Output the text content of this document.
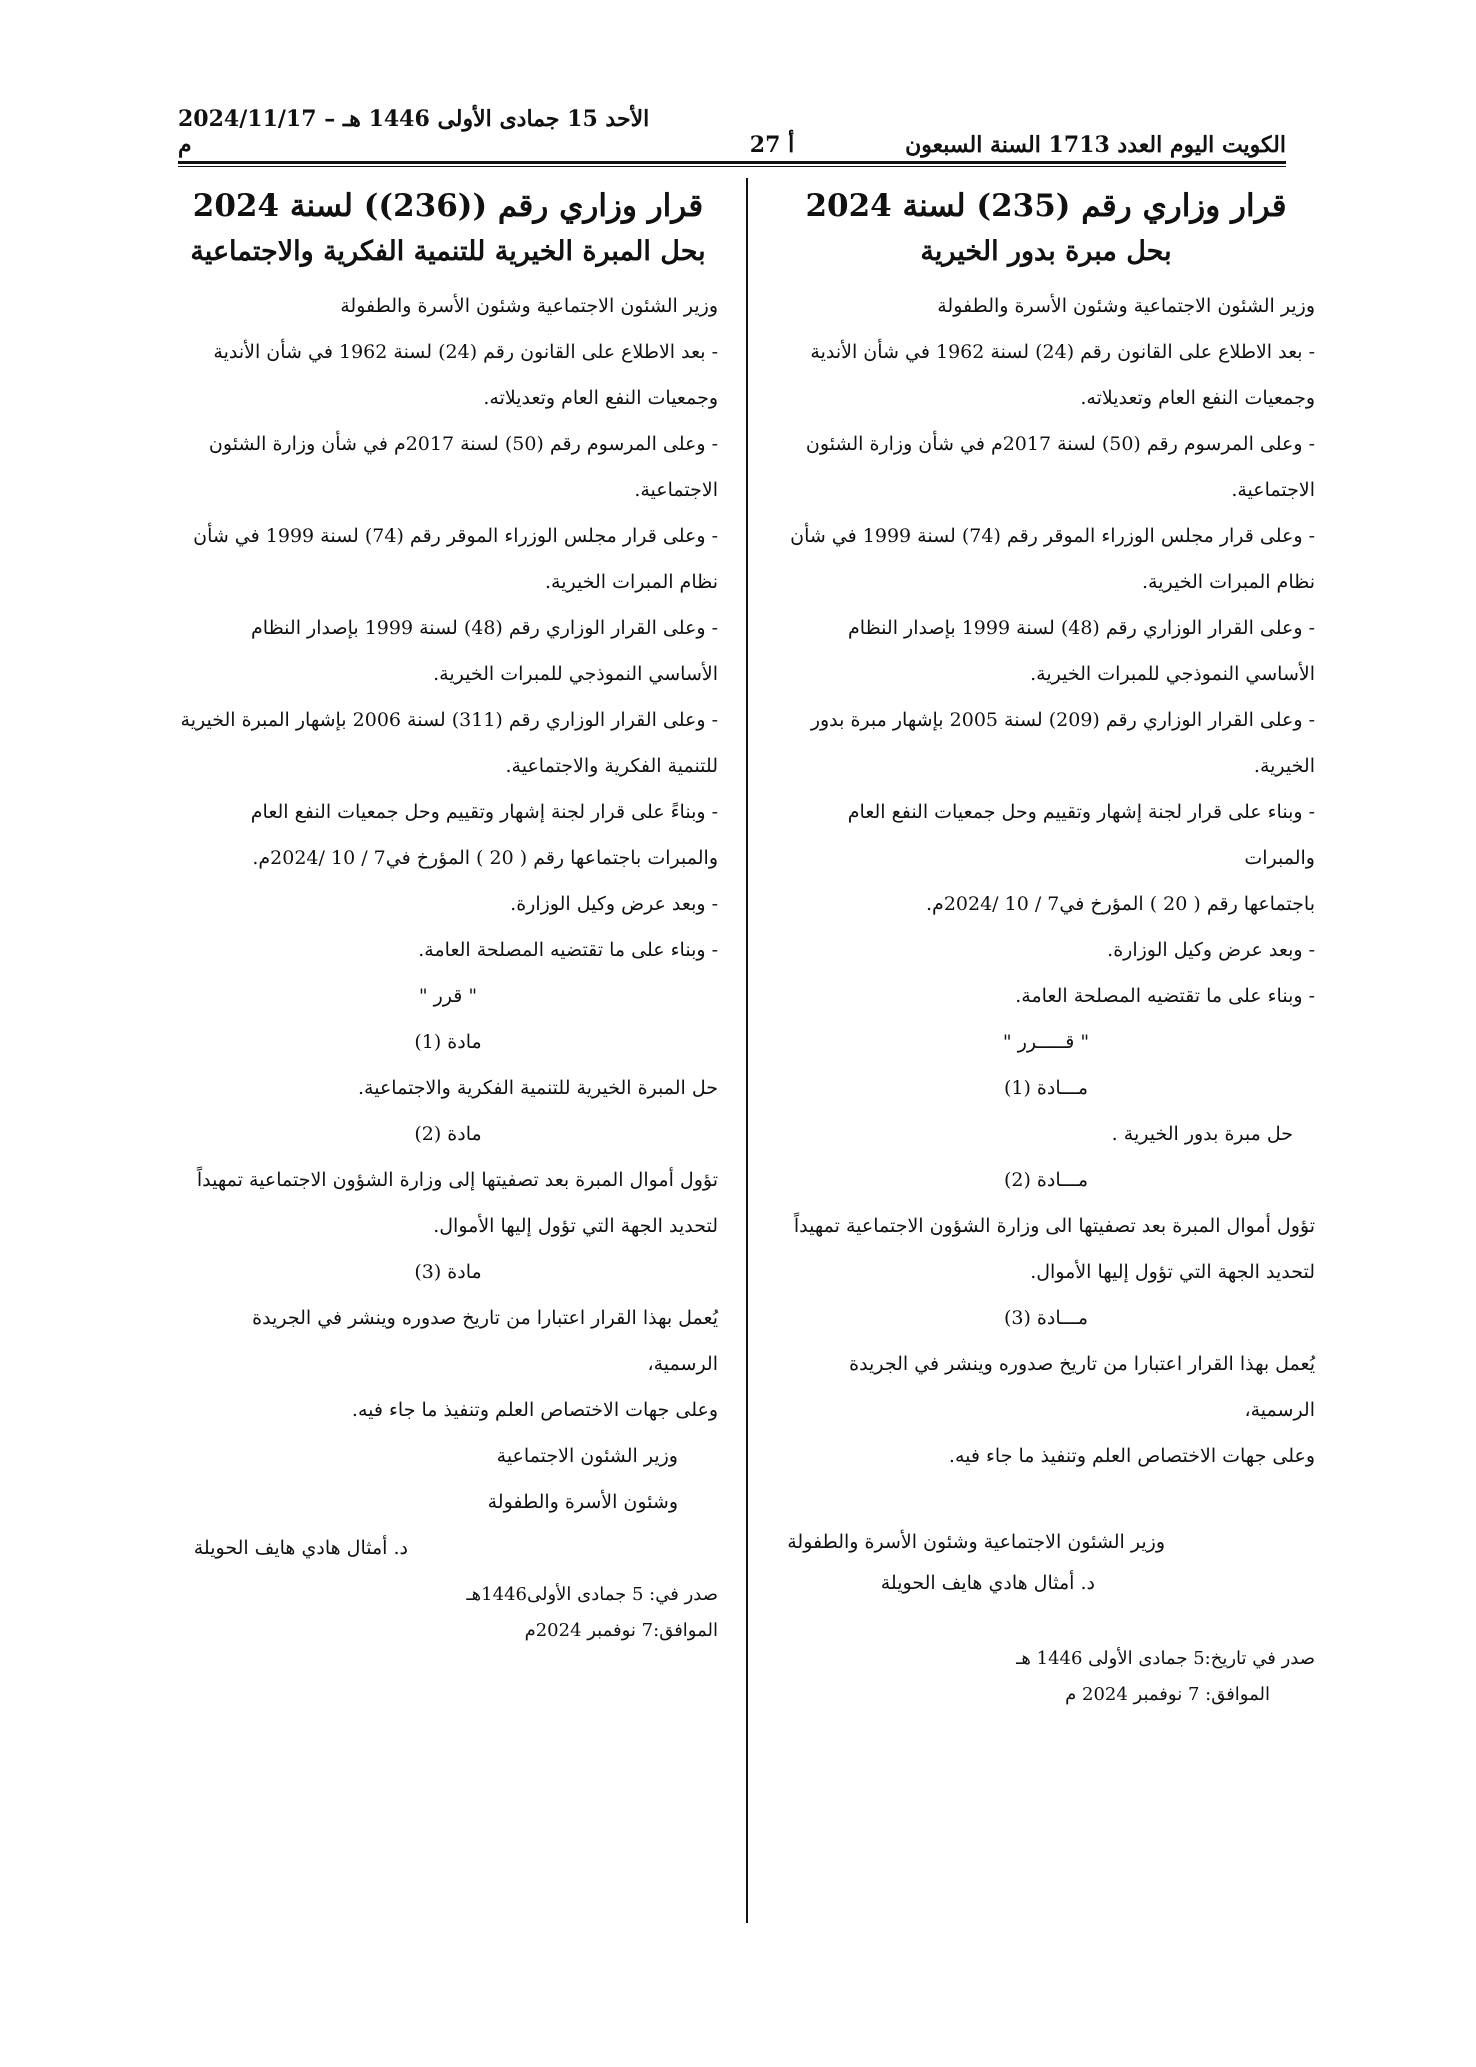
الكويت اليوم العدد 1713 السنة السبعون
أ 27
الأحد 15 جمادى الأولى 1446 هـ – 2024/11/17 م
قرار وزاري رقم (235) لسنة 2024
بحل مبرة بدور الخيرية

وزير الشئون الاجتماعية وشئون الأسرة والطفولة

- بعد الاطلاع على القانون رقم (24) لسنة 1962 في شأن الأندية

وجمعيات النفع العام وتعديلاته.

- وعلى المرسوم رقم (50) لسنة 2017م في شأن وزارة الشئون

الاجتماعية.

- وعلى قرار مجلس الوزراء الموقر رقم (74) لسنة 1999 في شأن

نظام المبرات الخيرية.

- وعلى القرار الوزاري رقم (48) لسنة 1999 بإصدار النظام

الأساسي النموذجي للمبرات الخيرية.

- وعلى القرار الوزاري رقم (209) لسنة 2005 بإشهار مبرة بدور

الخيرية.

- وبناء على قرار لجنة إشهار وتقييم وحل جمعيات النفع العام والمبرات

باجتماعها رقم ( 20 ) المؤرخ في7 / 10 /2024م.

- وبعد عرض وكيل الوزارة.

- وبناء على ما تقتضيه المصلحة العامة.

" قـــــرر "

مـــادة (1)

حل مبرة بدور الخيرية .

مـــادة (2)

تؤول أموال المبرة بعد تصفيتها الى وزارة الشؤون الاجتماعية تمهيداً

لتحديد الجهة التي تؤول إليها الأموال.

مـــادة (3)

يُعمل بهذا القرار اعتبارا من تاريخ صدوره وينشر في الجريدة الرسمية،

وعلى جهات الاختصاص العلم وتنفيذ ما جاء فيه.

وزير الشئون الاجتماعية وشئون الأسرة والطفولة

د. أمثال هادي هايف الحويلة

صدر في تاريخ:5 جمادى الأولى 1446 هـ

الموافق: 7 نوفمبر 2024 م

قرار وزاري رقم ((236)) لسنة 2024
بحل المبرة الخيرية للتنمية الفكرية والاجتماعية

وزير الشئون الاجتماعية وشئون الأسرة والطفولة

- بعد الاطلاع على القانون رقم (24) لسنة 1962 في شأن الأندية

وجمعيات النفع العام وتعديلاته.

- وعلى المرسوم رقم (50) لسنة 2017م في شأن وزارة الشئون

الاجتماعية.

- وعلى قرار مجلس الوزراء الموقر رقم (74) لسنة 1999 في شأن

نظام المبرات الخيرية.

- وعلى القرار الوزاري رقم (48) لسنة 1999 بإصدار النظام

الأساسي النموذجي للمبرات الخيرية.

- وعلى القرار الوزاري رقم (311) لسنة 2006 بإشهار المبرة الخيرية

للتنمية الفكرية والاجتماعية.

- وبناءً على قرار لجنة إشهار وتقييم وحل جمعيات النفع العام

والمبرات باجتماعها رقم ( 20 ) المؤرخ في7 / 10 /2024م.

- وبعد عرض وكيل الوزارة.

- وبناء على ما تقتضيه المصلحة العامة.

" قرر "

مادة (1)

حل المبرة الخيرية للتنمية الفكرية والاجتماعية.

مادة (2)

تؤول أموال المبرة بعد تصفيتها إلى وزارة الشؤون الاجتماعية تمهيداً

لتحديد الجهة التي تؤول إليها الأموال.

مادة (3)

يُعمل بهذا القرار اعتبارا من تاريخ صدوره وينشر في الجريدة الرسمية،

وعلى جهات الاختصاص العلم وتنفيذ ما جاء فيه.

وزير الشئون الاجتماعية

وشئون الأسرة والطفولة

د. أمثال هادي هايف الحويلة

صدر في: 5 جمادى الأولى1446هـ

الموافق:7 نوفمبر 2024م
